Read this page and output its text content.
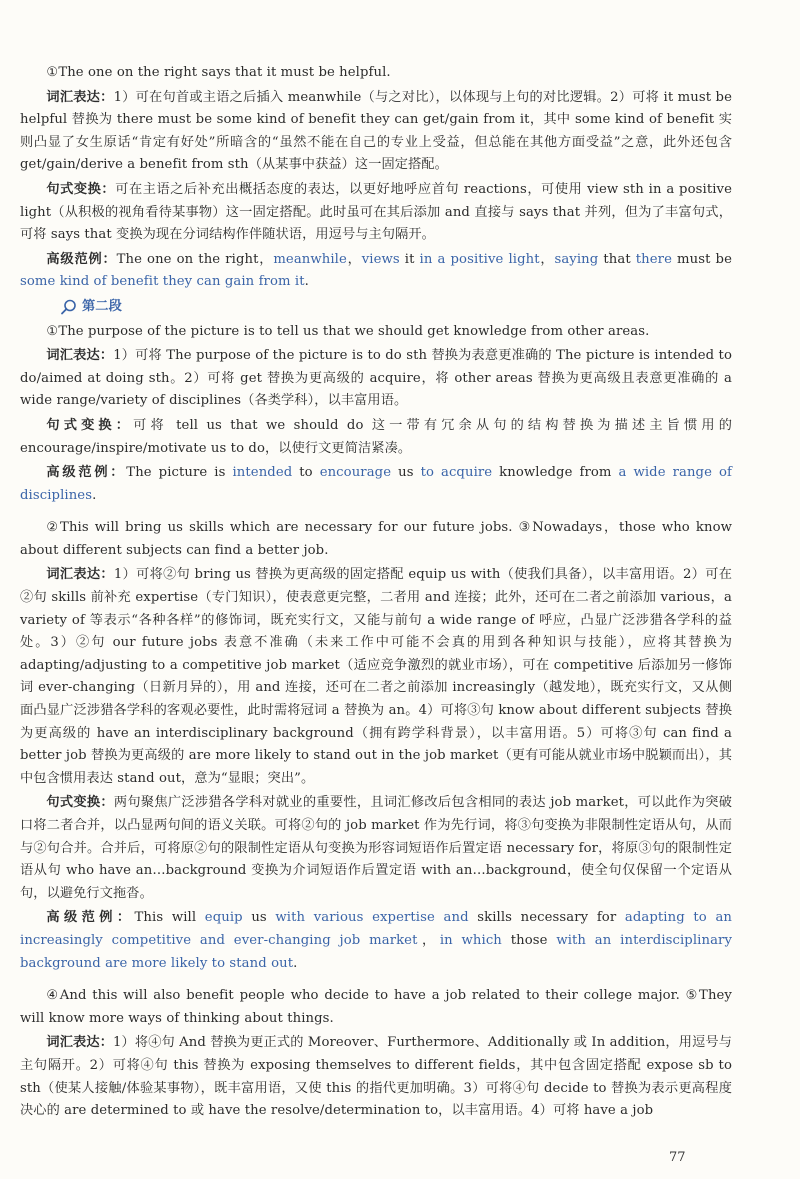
①The one on the right says that it must be helpful.

词汇表达：1）可在句首或主语之后插入 meanwhile（与之对比），以体现与上句的对比逻辑。2）可将 it must be helpful 替换为 there must be some kind of benefit they can get/gain from it，其中 some kind of benefit 实则凸显了女生原话“肯定有好处”所暗含的“虽然不能在自己的专业上受益，但总能在其他方面受益”之意，此外还包含 get/gain/derive a benefit from sth（从某事中获益）这一固定搭配。

句式变换：可在主语之后补充出概括态度的表达，以更好地呼应首句 reactions，可使用 view sth in a positive light（从积极的视角看待某事物）这一固定搭配。此时虽可在其后添加 and 直接与 says that 并列，但为了丰富句式，可将 says that 变换为现在分词结构作伴随状语，用逗号与主句隔开。

高级范例：The one on the right，meanwhile，views it in a positive light，saying that there must be some kind of benefit they can gain from it.

第二段

①The purpose of the picture is to tell us that we should get knowledge from other areas.

词汇表达：1）可将 The purpose of the picture is to do sth 替换为表意更准确的 The picture is intended to do/aimed at doing sth。2）可将 get 替换为更高级的 acquire，将 other areas 替换为更高级且表意更准确的 a wide range/variety of disciplines（各类学科），以丰富用语。

句式变换：可将 tell us that we should do 这一带有冗余从句的结构替换为描述主旨惯用的 encourage/inspire/motivate us to do，以使行文更简洁紧凑。

高级范例：The picture is intended to encourage us to acquire knowledge from a wide range of disciplines.

②This will bring us skills which are necessary for our future jobs. ③Nowadays，those who know about different subjects can find a better job.

词汇表达：1）可将②句 bring us 替换为更高级的固定搭配 equip us with（使我们具备），以丰富用语。2）可在②句 skills 前补充 expertise（专门知识），使表意更完整，二者用 and 连接；此外，还可在二者之前添加 various，a variety of 等表示“各种各样”的修饰词，既充实行文，又能与前句 a wide range of 呼应，凸显广泛涉猎各学科的益处。3）②句 our future jobs 表意不准确（未来工作中可能不会真的用到各种知识与技能），应将其替换为 adapting/adjusting to a competitive job market（适应竞争激烈的就业市场），可在 competitive 后添加另一修饰词 ever-changing（日新月异的），用 and 连接，还可在二者之前添加 increasingly（越发地），既充实行文，又从侧面凸显广泛涉猎各学科的客观必要性，此时需将冠词 a 替换为 an。4）可将③句 know about different subjects 替换为更高级的 have an interdisciplinary background（拥有跨学科背景），以丰富用语。5）可将③句 can find a better job 替换为更高级的 are more likely to stand out in the job market（更有可能从就业市场中脱颖而出），其中包含惯用表达 stand out，意为“显眼；突出”。

句式变换：两句聚焦广泛涉猎各学科对就业的重要性，且词汇修改后包含相同的表达 job market，可以此作为突破口将二者合并，以凸显两句间的语义关联。可将②句的 job market 作为先行词，将③句变换为非限制性定语从句，从而与②句合并。合并后，可将原②句的限制性定语从句变换为形容词短语作后置定语 necessary for，将原③句的限制性定语从句 who have an…background 变换为介词短语作后置定语 with an…background，使全句仅保留一个定语从句，以避免行文拖沓。

高级范例：This will equip us with various expertise and skills necessary for adapting to an increasingly competitive and ever-changing job market，in which those with an interdisciplinary background are more likely to stand out.

④And this will also benefit people who decide to have a job related to their college major. ⑤They will know more ways of thinking about things.

词汇表达：1）将④句 And 替换为更正式的 Moreover、Furthermore、Additionally 或 In addition，用逗号与主句隔开。2）可将④句 this 替换为 exposing themselves to different fields，其中包含固定搭配 expose sb to sth（使某人接触/体验某事物），既丰富用语，又使 this 的指代更加明确。3）可将④句 decide to 替换为表示更高程度决心的 are determined to 或 have the resolve/determination to，以丰富用语。4）可将 have a job

77
